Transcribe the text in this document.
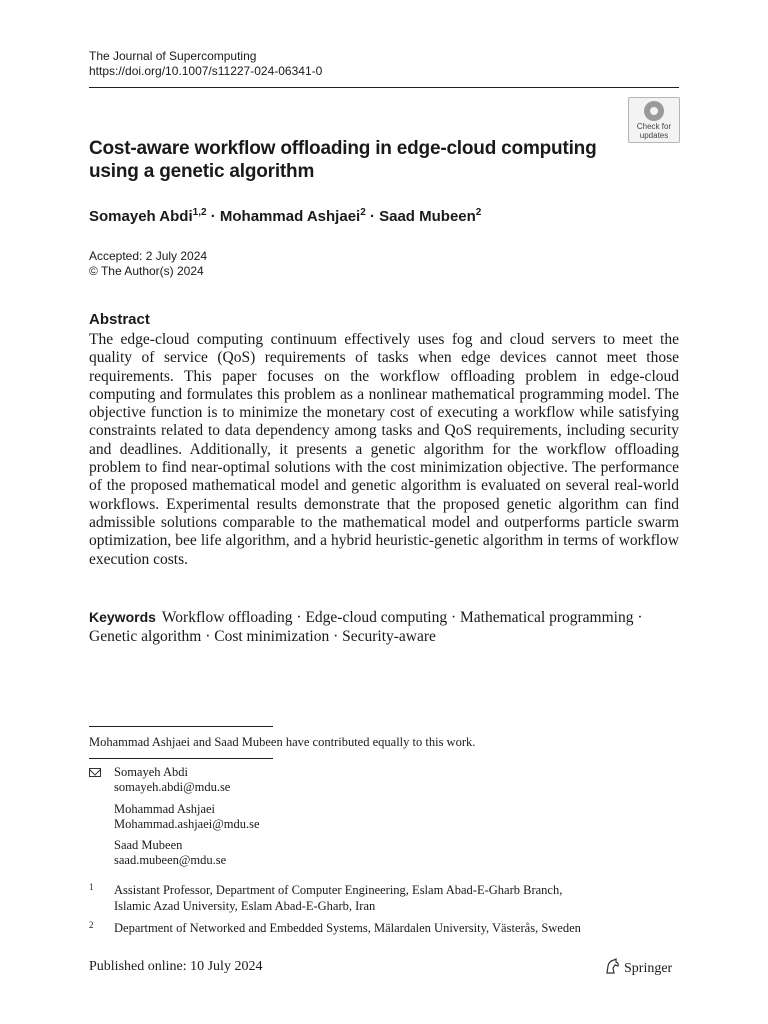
The Journal of Supercomputing
https://doi.org/10.1007/s11227-024-06341-0
Check for
updates
Cost-aware workflow offloading in edge-cloud computing
using a genetic algorithm
Somayeh Abdi$^{1,2}$ · Mohammad Ashjaei$^2$ · Saad Mubeen$^2$
Accepted: 2 July 2024
© The Author(s) 2024
Abstract
The edge-cloud computing continuum effectively uses fog and cloud servers to meet the quality of service (QoS) requirements of tasks when edge devices cannot meet those requirements. This paper focuses on the workflow offloading problem in edge-cloud computing and formulates this problem as a nonlinear mathematical programming model. The objective function is to minimize the monetary cost of executing a workflow while satisfying constraints related to data dependency among tasks and QoS requirements, including security and deadlines. Additionally, it presents a genetic algorithm for the workflow offloading problem to find near-optimal solutions with the cost minimization objective. The performance of the proposed mathematical model and genetic algorithm is evaluated on several real-world workflows. Experimental results demonstrate that the proposed genetic algorithm can find admissible solutions comparable to the mathematical model and outperforms particle swarm optimization, bee life algorithm, and a hybrid heuristic-genetic algorithm in terms of workflow execution costs.
Keywords Workflow offloading · Edge-cloud computing · Mathematical programming · Genetic algorithm · Cost minimization · Security-aware
Mohammad Ashjaei and Saad Mubeen have contributed equally to this work.
Somayeh Abdi
somayeh.abdi@mdu.se
Mohammad Ashjaei
Mohammad.ashjaei@mdu.se
Saad Mubeen
saad.mubeen@mdu.se
1 Assistant Professor, Department of Computer Engineering, Eslam Abad-E-Gharb Branch,
Islamic Azad University, Eslam Abad-E-Gharb, Iran
2 Department of Networked and Embedded Systems, Mälardalen University, Västerås, Sweden
Published online: 10 July 2024	Springer
